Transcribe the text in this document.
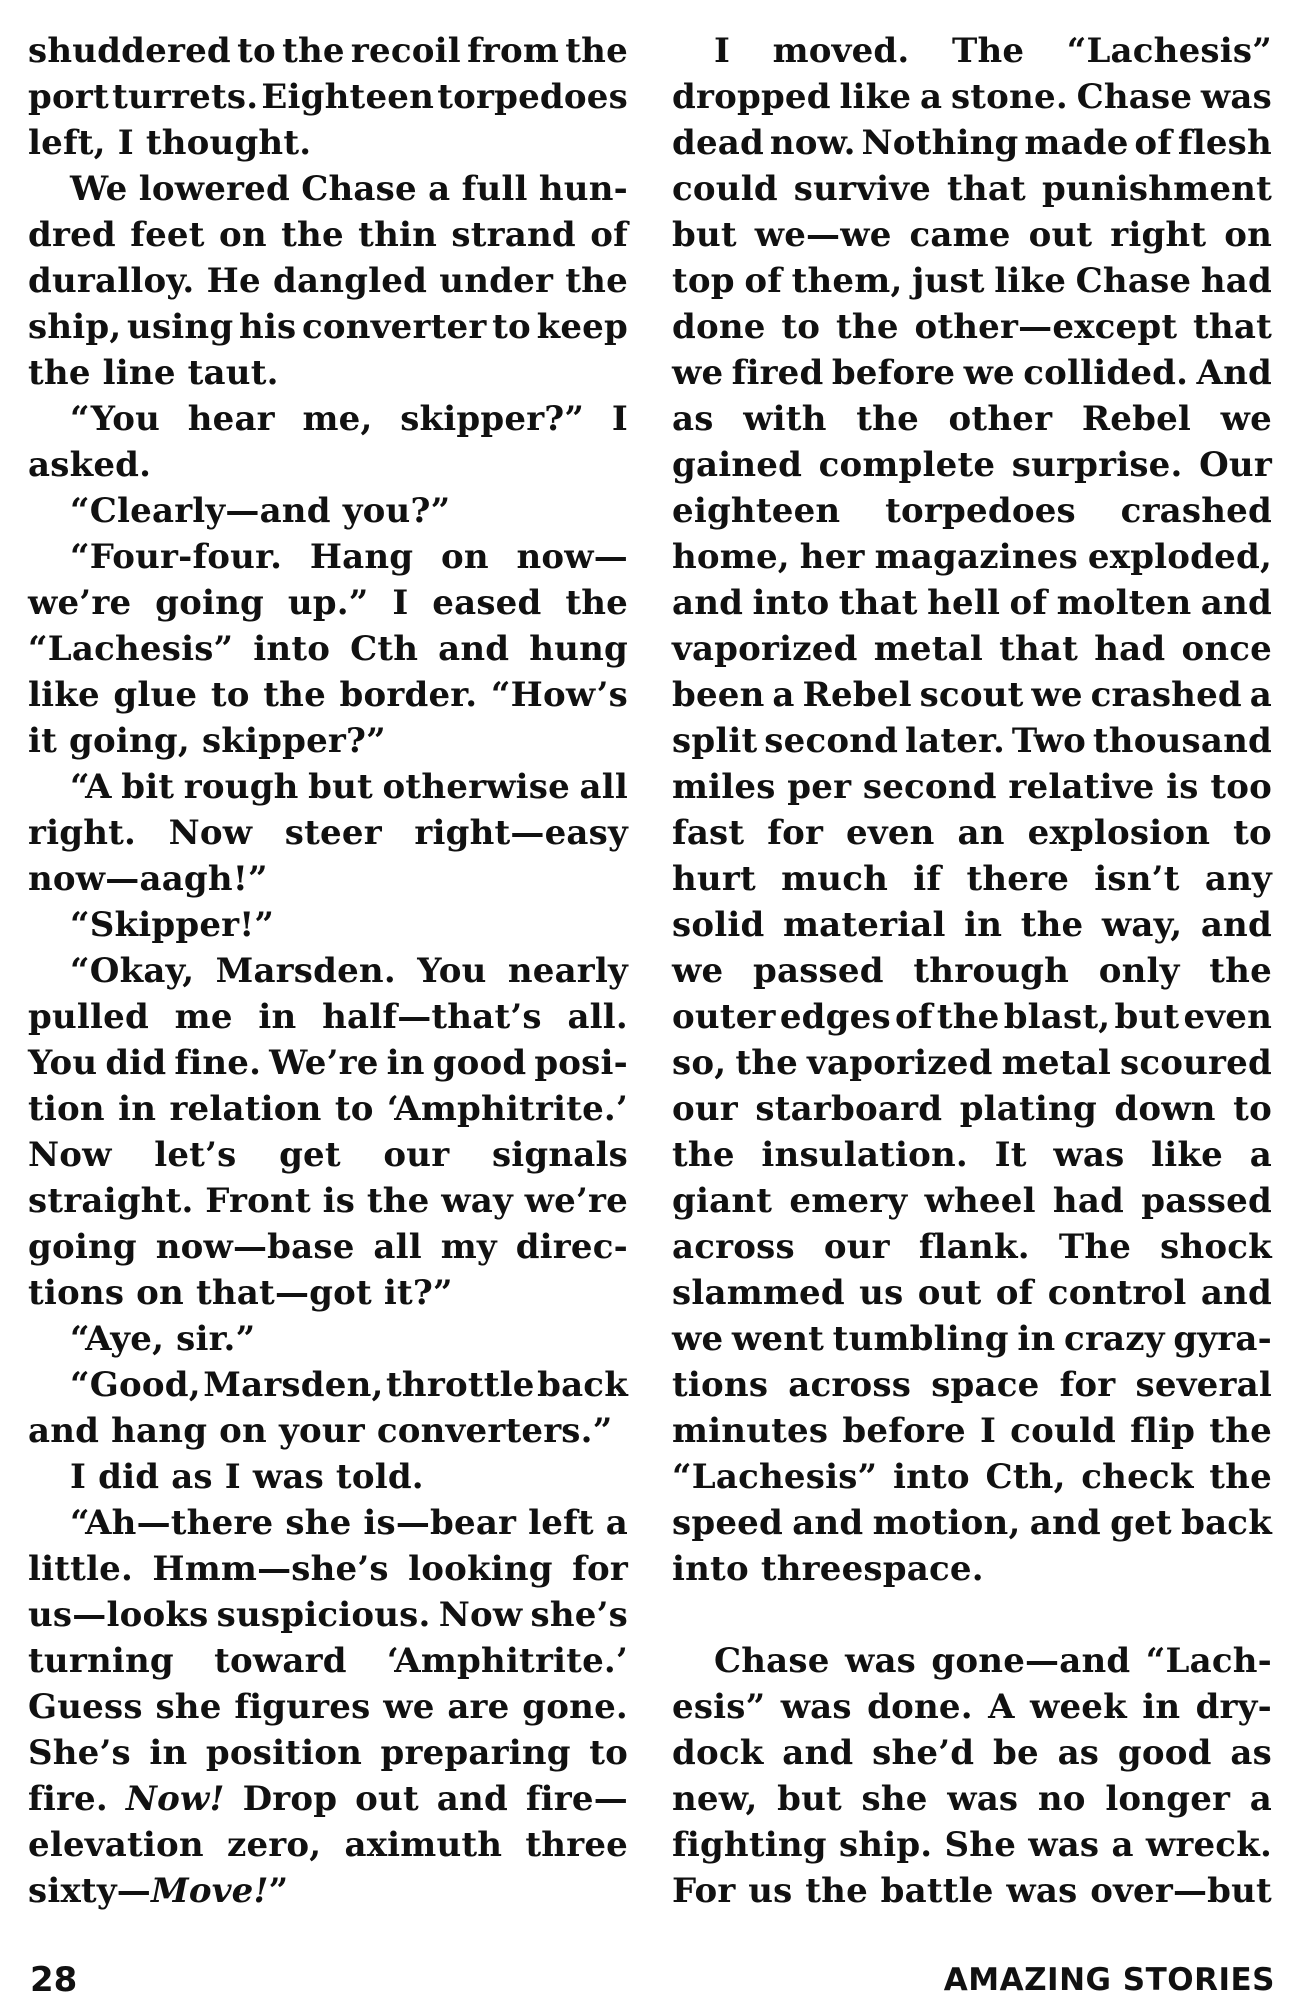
shuddered to the recoil from the
port turrets. Eighteen torpedoes
left, I thought.
We lowered Chase a full hun-
dred feet on the thin strand of
duralloy. He dangled under the
ship, using his converter to keep
the line taut.
“You hear me, skipper?” I
asked.
“Clearly—and you?”
“Four-four. Hang on now—
we’re going up.” I eased the
“Lachesis” into Cth and hung
like glue to the border. “How’s
it going, skipper?”
“A bit rough but otherwise all
right. Now steer right—easy
now—aagh!”
“Skipper!”
“Okay, Marsden. You nearly
pulled me in half—that’s all.
You did fine. We’re in good posi-
tion in relation to ‘Amphitrite.’
Now let’s get our signals
straight. Front is the way we’re
going now—base all my direc-
tions on that—got it?”
“Aye, sir.”
“Good, Marsden, throttle back
and hang on your converters.”
I did as I was told.
“Ah—there she is—bear left a
little. Hmm—she’s looking for
us—looks suspicious. Now she’s
turning toward ‘Amphitrite.’
Guess she figures we are gone.
She’s in position preparing to
fire. Now! Drop out and fire—
elevation zero, aximuth three
sixty—Move!”
I moved. The “Lachesis”
dropped like a stone. Chase was
dead now. Nothing made of flesh
could survive that punishment
but we—we came out right on
top of them, just like Chase had
done to the other—except that
we fired before we collided. And
as with the other Rebel we
gained complete surprise. Our
eighteen torpedoes crashed
home, her magazines exploded,
and into that hell of molten and
vaporized metal that had once
been a Rebel scout we crashed a
split second later. Two thousand
miles per second relative is too
fast for even an explosion to
hurt much if there isn’t any
solid material in the way, and
we passed through only the
outer edges of the blast, but even
so, the vaporized metal scoured
our starboard plating down to
the insulation. It was like a
giant emery wheel had passed
across our flank. The shock
slammed us out of control and
we went tumbling in crazy gyra-
tions across space for several
minutes before I could flip the
“Lachesis” into Cth, check the
speed and motion, and get back
into threespace.
Chase was gone—and “Lach-
esis” was done. A week in dry-
dock and she’d be as good as
new, but she was no longer a
fighting ship. She was a wreck.
For us the battle was over—but
28	AMAZING STORIES
